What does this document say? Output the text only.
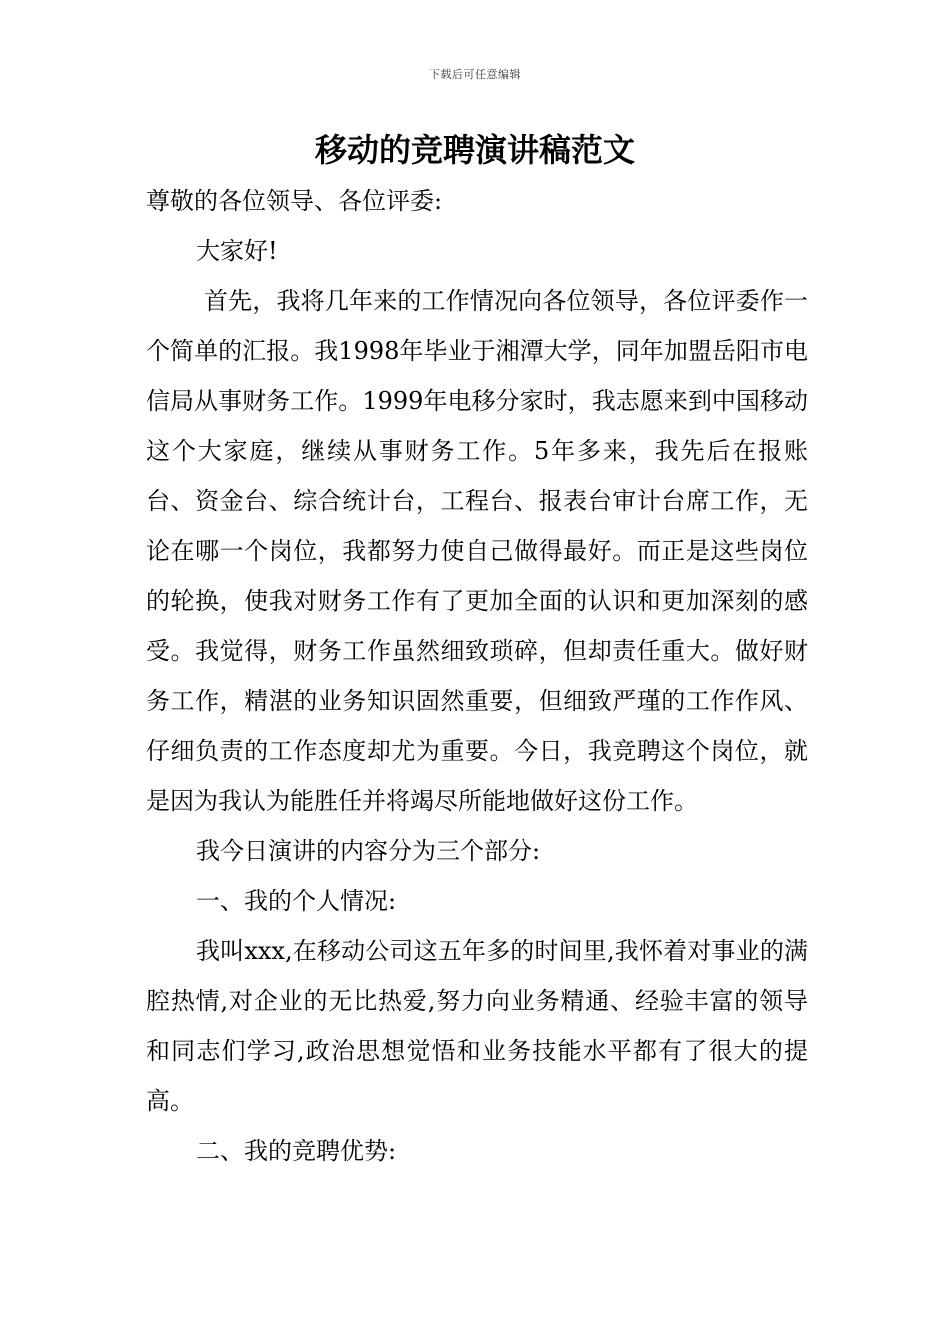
下载后可任意编辑
移动的竞聘演讲稿范文

尊敬的各位领导、各位评委:

大家好!

首先，我将几年来的工作情况向各位领导，各位评委作一个简单的汇报。我1998年毕业于湘潭大学，同年加盟岳阳市电信局从事财务工作。1999年电移分家时，我志愿来到中国移动这个大家庭，继续从事财务工作。5年多来，我先后在报账台、资金台、综合统计台，工程台、报表台审计台席工作，无论在哪一个岗位，我都努力使自己做得最好。而正是这些岗位的轮换，使我对财务工作有了更加全面的认识和更加深刻的感受。我觉得，财务工作虽然细致琐碎，但却责任重大。做好财务工作，精湛的业务知识固然重要，但细致严瑾的工作作风、仔细负责的工作态度却尤为重要。今日，我竞聘这个岗位，就是因为我认为能胜任并将竭尽所能地做好这份工作。

我今日演讲的内容分为三个部分:

一、我的个人情况:

我叫xxx,在移动公司这五年多的时间里,我怀着对事业的满腔热情,对企业的无比热爱,努力向业务精通、经验丰富的领导和同志们学习,政治思想觉悟和业务技能水平都有了很大的提高。

二、我的竞聘优势:
